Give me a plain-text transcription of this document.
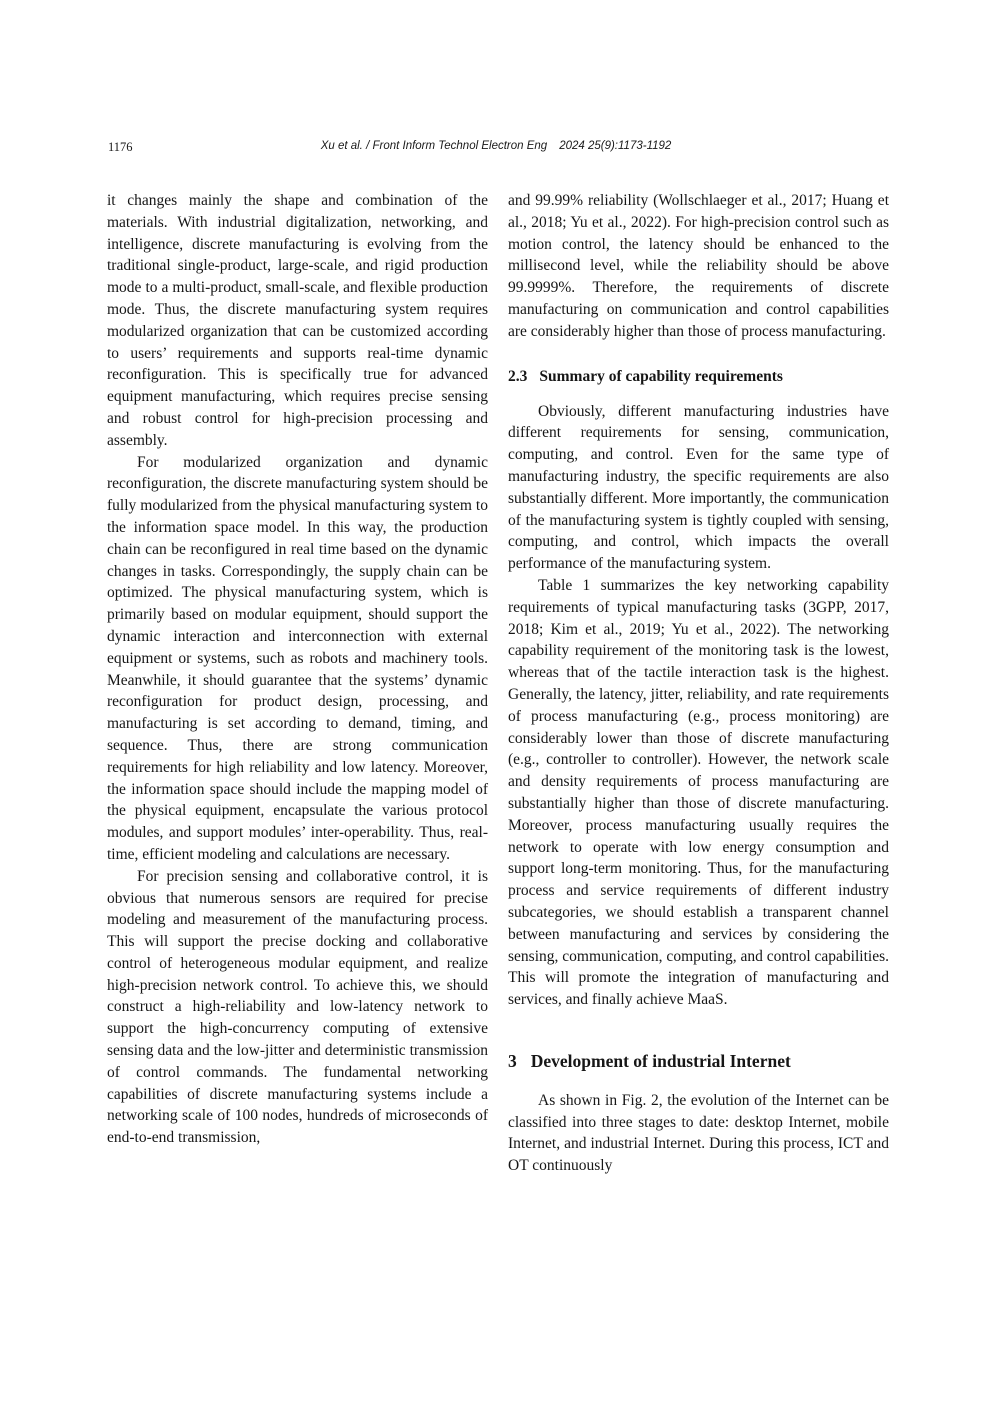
1176	Xu et al. / Front Inform Technol Electron Eng 2024 25(9):1173-1192

it changes mainly the shape and combination of the materials. With industrial digitalization, networking, and intelligence, discrete manufacturing is evolving from the traditional single-product, large-scale, and rigid production mode to a multi-product, small-scale, and flexible production mode. Thus, the discrete manufacturing system requires modularized organization that can be customized according to users’ requirements and supports real-time dynamic reconfiguration. This is specifically true for advanced equipment manufacturing, which requires precise sensing and robust control for high-precision processing and assembly.

For modularized organization and dynamic reconfiguration, the discrete manufacturing system should be fully modularized from the physical manufacturing system to the information space model. In this way, the production chain can be reconfigured in real time based on the dynamic changes in tasks. Correspondingly, the supply chain can be optimized. The physical manufacturing system, which is primarily based on modular equipment, should support the dynamic interaction and interconnection with external equipment or systems, such as robots and machinery tools. Meanwhile, it should guarantee that the systems’ dynamic reconfiguration for product design, processing, and manufacturing is set according to demand, timing, and sequence. Thus, there are strong communication requirements for high reliability and low latency. Moreover, the information space should include the mapping model of the physical equipment, encapsulate the various protocol modules, and support modules’ inter-operability. Thus, real-time, efficient modeling and calculations are necessary.

For precision sensing and collaborative control, it is obvious that numerous sensors are required for precise modeling and measurement of the manufacturing process. This will support the precise docking and collaborative control of heterogeneous modular equipment, and realize high-precision network control. To achieve this, we should construct a high-reliability and low-latency network to support the high-concurrency computing of extensive sensing data and the low-jitter and deterministic transmission of control commands. The fundamental networking capabilities of discrete manufacturing systems include a networking scale of 100 nodes, hundreds of microseconds of end-to-end transmission,

and 99.99% reliability (Wollschlaeger et al., 2017; Huang et al., 2018; Yu et al., 2022). For high-precision control such as motion control, the latency should be enhanced to the millisecond level, while the reliability should be above 99.9999%. Therefore, the requirements of discrete manufacturing on communication and control capabilities are considerably higher than those of process manufacturing.

2.3 Summary of capability requirements

Obviously, different manufacturing industries have different requirements for sensing, communication, computing, and control. Even for the same type of manufacturing industry, the specific requirements are also substantially different. More importantly, the communication of the manufacturing system is tightly coupled with sensing, computing, and control, which impacts the overall performance of the manufacturing system.

Table 1 summarizes the key networking capability requirements of typical manufacturing tasks (3GPP, 2017, 2018; Kim et al., 2019; Yu et al., 2022). The networking capability requirement of the monitoring task is the lowest, whereas that of the tactile interaction task is the highest. Generally, the latency, jitter, reliability, and rate requirements of process manufacturing (e.g., process monitoring) are considerably lower than those of discrete manufacturing (e.g., controller to controller). However, the network scale and density requirements of process manufacturing are substantially higher than those of discrete manufacturing. Moreover, process manufacturing usually requires the network to operate with low energy consumption and support long-term monitoring. Thus, for the manufacturing process and service requirements of different industry subcategories, we should establish a transparent channel between manufacturing and services by considering the sensing, communication, computing, and control capabilities. This will promote the integration of manufacturing and services, and finally achieve MaaS.

3 Development of industrial Internet

As shown in Fig. 2, the evolution of the Internet can be classified into three stages to date: desktop Internet, mobile Internet, and industrial Internet. During this process, ICT and OT continuously
